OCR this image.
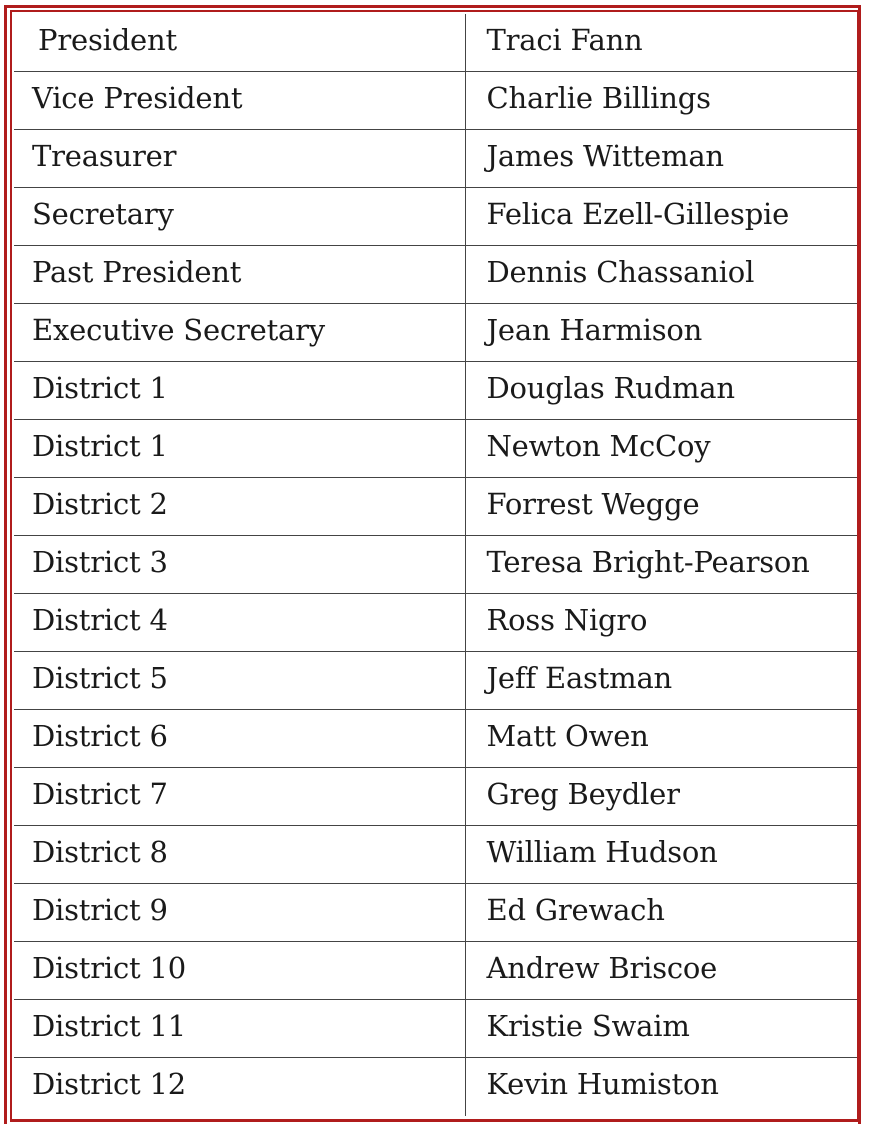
President	Traci Fann
Vice President	Charlie Billings
Treasurer	James Witteman
Secretary	Felica Ezell-Gillespie
Past President	Dennis Chassaniol
Executive Secretary	Jean Harmison
District 1	Douglas Rudman
District 1	Newton McCoy
District 2	Forrest Wegge
District 3	Teresa Bright-Pearson
District 4	Ross Nigro
District 5	Jeff Eastman
District 6	Matt Owen
District 7	Greg Beydler
District 8	William Hudson
District 9	Ed Grewach
District 10	Andrew Briscoe
District 11	Kristie Swaim
District 12	Kevin Humiston
